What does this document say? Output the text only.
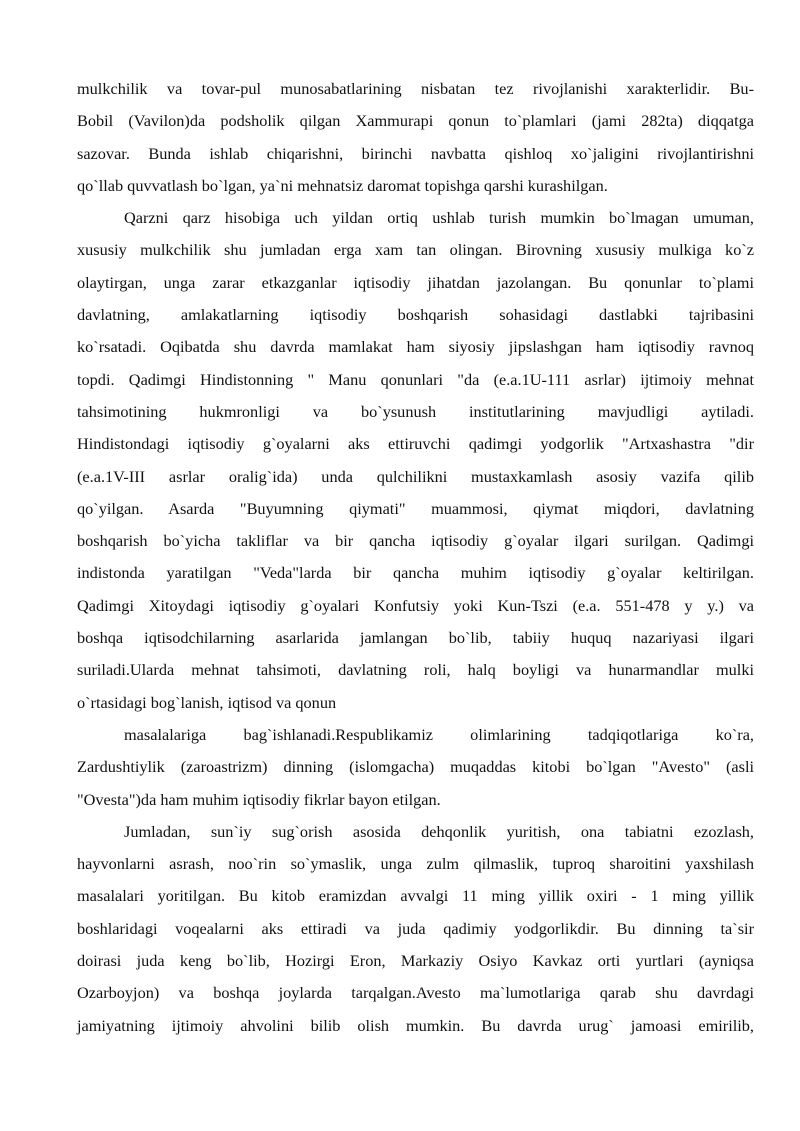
mulkchilik va tovar-pul munosabatlarining nisbatan tez rivojlanishi xarakterlidir. Bu-

Bobil (Vavilon)da podsholik qilgan Xammurapi qonun to`plamlari (jami 282ta) diqqatga

sazovar. Bunda ishlab chiqarishni, birinchi navbatta qishloq xo`jaligini rivojlantirishni

qo`llab quvvatlash bo`lgan, ya`ni mehnatsiz daromat topishga qarshi kurashilgan.

Qarzni qarz hisobiga uch yildan ortiq ushlab turish mumkin bo`lmagan umuman,

xususiy mulkchilik shu jumladan erga xam tan olingan. Birovning xususiy mulkiga ko`z

olaytirgan, unga zarar etkazganlar iqtisodiy jihatdan jazolangan. Bu qonunlar to`plami

davlatning, amlakatlarning iqtisodiy boshqarish sohasidagi dastlabki tajribasini

ko`rsatadi. Oqibatda shu davrda mamlakat ham siyosiy jipslashgan ham iqtisodiy ravnoq

topdi. Qadimgi Hindistonning " Manu qonunlari "da (e.a.1U-111 asrlar) ijtimoiy mehnat

tahsimotining hukmronligi va bo`ysunush institutlarining mavjudligi aytiladi.

Hindistondagi iqtisodiy g`oyalarni aks ettiruvchi qadimgi yodgorlik "Artxashastra "dir

(e.a.1V-III asrlar oralig`ida) unda qulchilikni mustaxkamlash asosiy vazifa qilib

qo`yilgan. Asarda "Buyumning qiymati" muammosi, qiymat miqdori, davlatning

boshqarish bo`yicha takliflar va bir qancha iqtisodiy g`oyalar ilgari surilgan. Qadimgi

indistonda yaratilgan "Veda"larda bir qancha muhim iqtisodiy g`oyalar keltirilgan.

Qadimgi Xitoydagi iqtisodiy g`oyalari Konfutsiy yoki Kun-Tszi (e.a. 551-478 y y.) va

boshqa iqtisodchilarning asarlarida jamlangan bo`lib, tabiiy huquq nazariyasi ilgari

suriladi.Ularda mehnat tahsimoti, davlatning roli, halq boyligi va hunarmandlar mulki

o`rtasidagi bog`lanish, iqtisod va qonun

masalalariga bag`ishlanadi.Respublikamiz olimlarining tadqiqotlariga ko`ra,

Zardushtiylik (zaroastrizm) dinning (islomgacha) muqaddas kitobi bo`lgan "Avesto" (asli

"Ovesta")da ham muhim iqtisodiy fikrlar bayon etilgan.

Jumladan, sun`iy sug`orish asosida dehqonlik yuritish, ona tabiatni ezozlash,

hayvonlarni asrash, noo`rin so`ymaslik, unga zulm qilmaslik, tuproq sharoitini yaxshilash

masalalari yoritilgan. Bu kitob eramizdan avvalgi 11 ming yillik oxiri - 1 ming yillik

boshlaridagi voqealarni aks ettiradi va juda qadimiy yodgorlikdir. Bu dinning ta`sir

doirasi juda keng bo`lib, Hozirgi Eron, Markaziy Osiyo Kavkaz orti yurtlari (ayniqsa

Ozarboyjon) va boshqa joylarda tarqalgan.Avesto ma`lumotlariga qarab shu davrdagi

jamiyatning ijtimoiy ahvolini bilib olish mumkin. Bu davrda urug` jamoasi emirilib,
